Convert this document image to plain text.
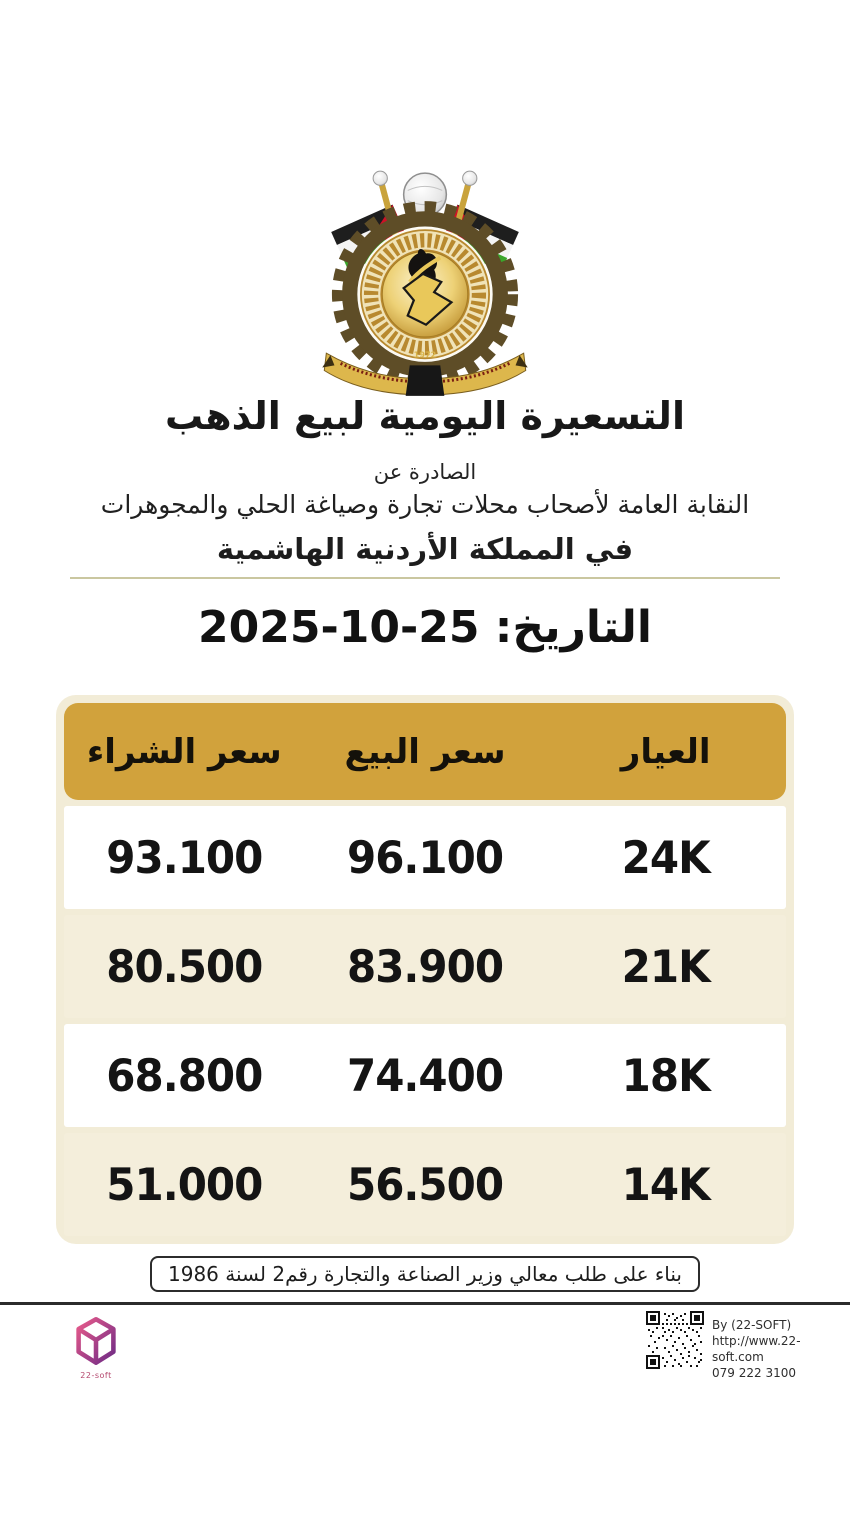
1972
التسعيرة اليومية لبيع الذهب
الصادرة عن
النقابة العامة لأصحاب محلات تجارة وصياغة الحلي والمجوهرات
في المملكة الأردنية الهاشمية
التاريخ: 25-10-2025
العيار
سعر البيع
سعر الشراء
24K
96.100
93.100
21K
83.900
80.500
18K
74.400
68.800
14K
56.500
51.000
بناء على طلب معالي وزير الصناعة والتجارة رقم2 لسنة 1986
22-soft
By (22-SOFT)
http://www.22-soft.com
079 222 3100
